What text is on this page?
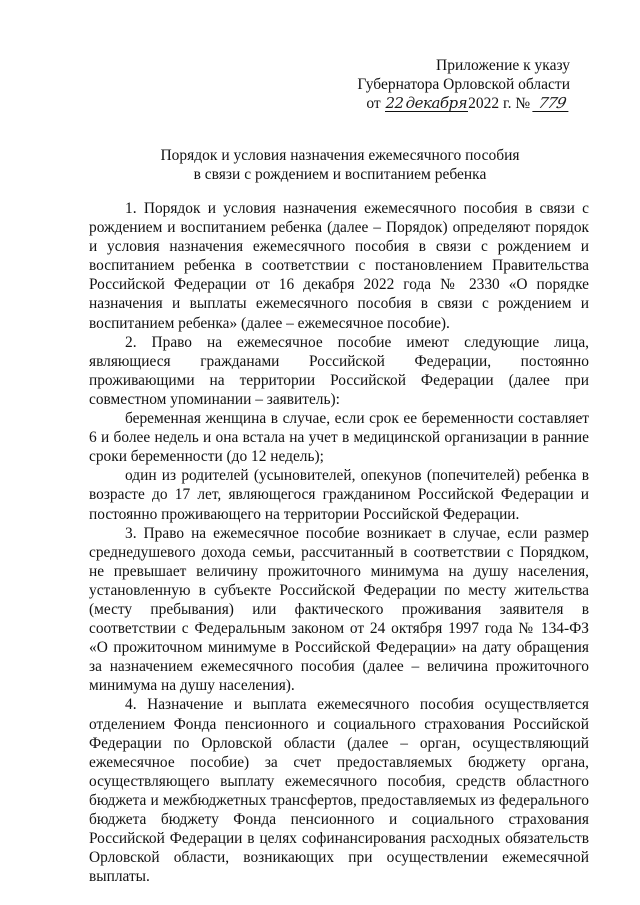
Приложение к указу
Губернатора Орловской области
от 22 декабря2022 г. № 779
Порядок и условия назначения ежемесячного пособия
в связи с рождением и воспитанием ребенка

1. Порядок и условия назначения ежемесячного пособия в связи с рождением и воспитанием ребенка (далее – Порядок) определяют порядок и условия назначения ежемесячного пособия в связи с рождением и воспитанием ребенка в соответствии с постановлением Правительства Российской Федерации от 16 декабря 2022 года № 2330 «О порядке назначения и выплаты ежемесячного пособия в связи с рождением и воспитанием ребенка» (далее – ежемесячное пособие).

2. Право на ежемесячное пособие имеют следующие лица, являющиеся гражданами Российской Федерации, постоянно проживающими на территории Российской Федерации (далее при совместном упоминании – заявитель):

беременная женщина в случае, если срок ее беременности составляет 6 и более недель и она встала на учет в медицинской организации в ранние сроки беременности (до 12 недель);

один из родителей (усыновителей, опекунов (попечителей) ребенка в возрасте до 17 лет, являющегося гражданином Российской Федерации и постоянно проживающего на территории Российской Федерации.

3. Право на ежемесячное пособие возникает в случае, если размер среднедушевого дохода семьи, рассчитанный в соответствии с Порядком, не превышает величину прожиточного минимума на душу населения, установленную в субъекте Российской Федерации по месту жительства (месту пребывания) или фактического проживания заявителя в соответствии с Федеральным законом от 24 октября 1997 года № 134-ФЗ «О прожиточном минимуме в Российской Федерации» на дату обращения за назначением ежемесячного пособия (далее – величина прожиточного минимума на душу населения).

4. Назначение и выплата ежемесячного пособия осуществляется отделением Фонда пенсионного и социального страхования Российской Федерации по Орловской области (далее – орган, осуществляющий ежемесячное пособие) за счет предоставляемых бюджету органа, осуществляющего выплату ежемесячного пособия, средств областного бюджета и межбюджетных трансфертов, предоставляемых из федерального бюджета бюджету Фонда пенсионного и социального страхования Российской Федерации в целях софинансирования расходных обязательств Орловской области, возникающих при осуществлении ежемесячной выплаты.
